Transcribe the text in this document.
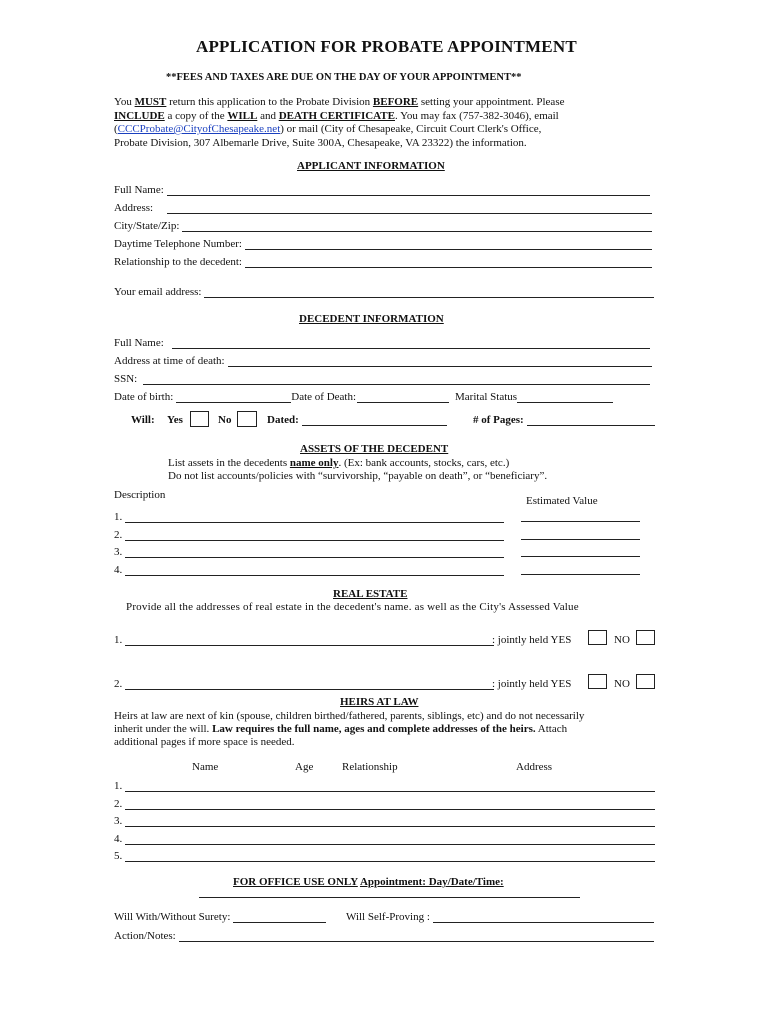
APPLICATION FOR PROBATE APPOINTMENT
**FEES AND TAXES ARE DUE ON THE DAY OF YOUR APPOINTMENT**
You MUST return this application to the Probate Division BEFORE setting your appointment. Please
INCLUDE a copy of the WILL and DEATH CERTIFICATE. You may fax (757-382-3046), email
(CCCProbate@CityofChesapeake.net) or mail (City of Chesapeake, Circuit Court Clerk's Office,
Probate Division, 307 Albemarle Drive, Suite 300A, Chesapeake, VA 23322) the information.
APPLICANT INFORMATION
Full Name:
Address:
City/State/Zip:
Daytime Telephone Number:
Relationship to the decedent:
Your email address:
DECEDENT INFORMATION
Full Name:
Address at time of death:
SSN:
Date of birth:	Date of Death:	Marital Status
Will: Yes	No	Dated:	# of Pages:
ASSETS OF THE DECEDENT
List assets in the decedents name only. (Ex: bank accounts, stocks, cars, etc.)
Do not list accounts/policies with “survivorship, “payable on death”, or “beneficiary”.
Description	Estimated Value
1.
2.
3.
4.
REAL ESTATE
Provide all the addresses of real estate in the decedent's name. as well as the City's Assessed Value
1.	: jointly held YES	NO
2.	: jointly held YES	NO
HEIRS AT LAW
Heirs at law are next of kin (spouse, children birthed/fathered, parents, siblings, etc) and do not necessarily
inherit under the will. Law requires the full name, ages and complete addresses of the heirs. Attach
additional pages if more space is needed.
Name	Age	Relationship	Address
1.
2.
3.
4.
5.
FOR OFFICE USE ONLY Appointment: Day/Date/Time:
Will With/Without Surety:	Will Self-Proving :
Action/Notes:
